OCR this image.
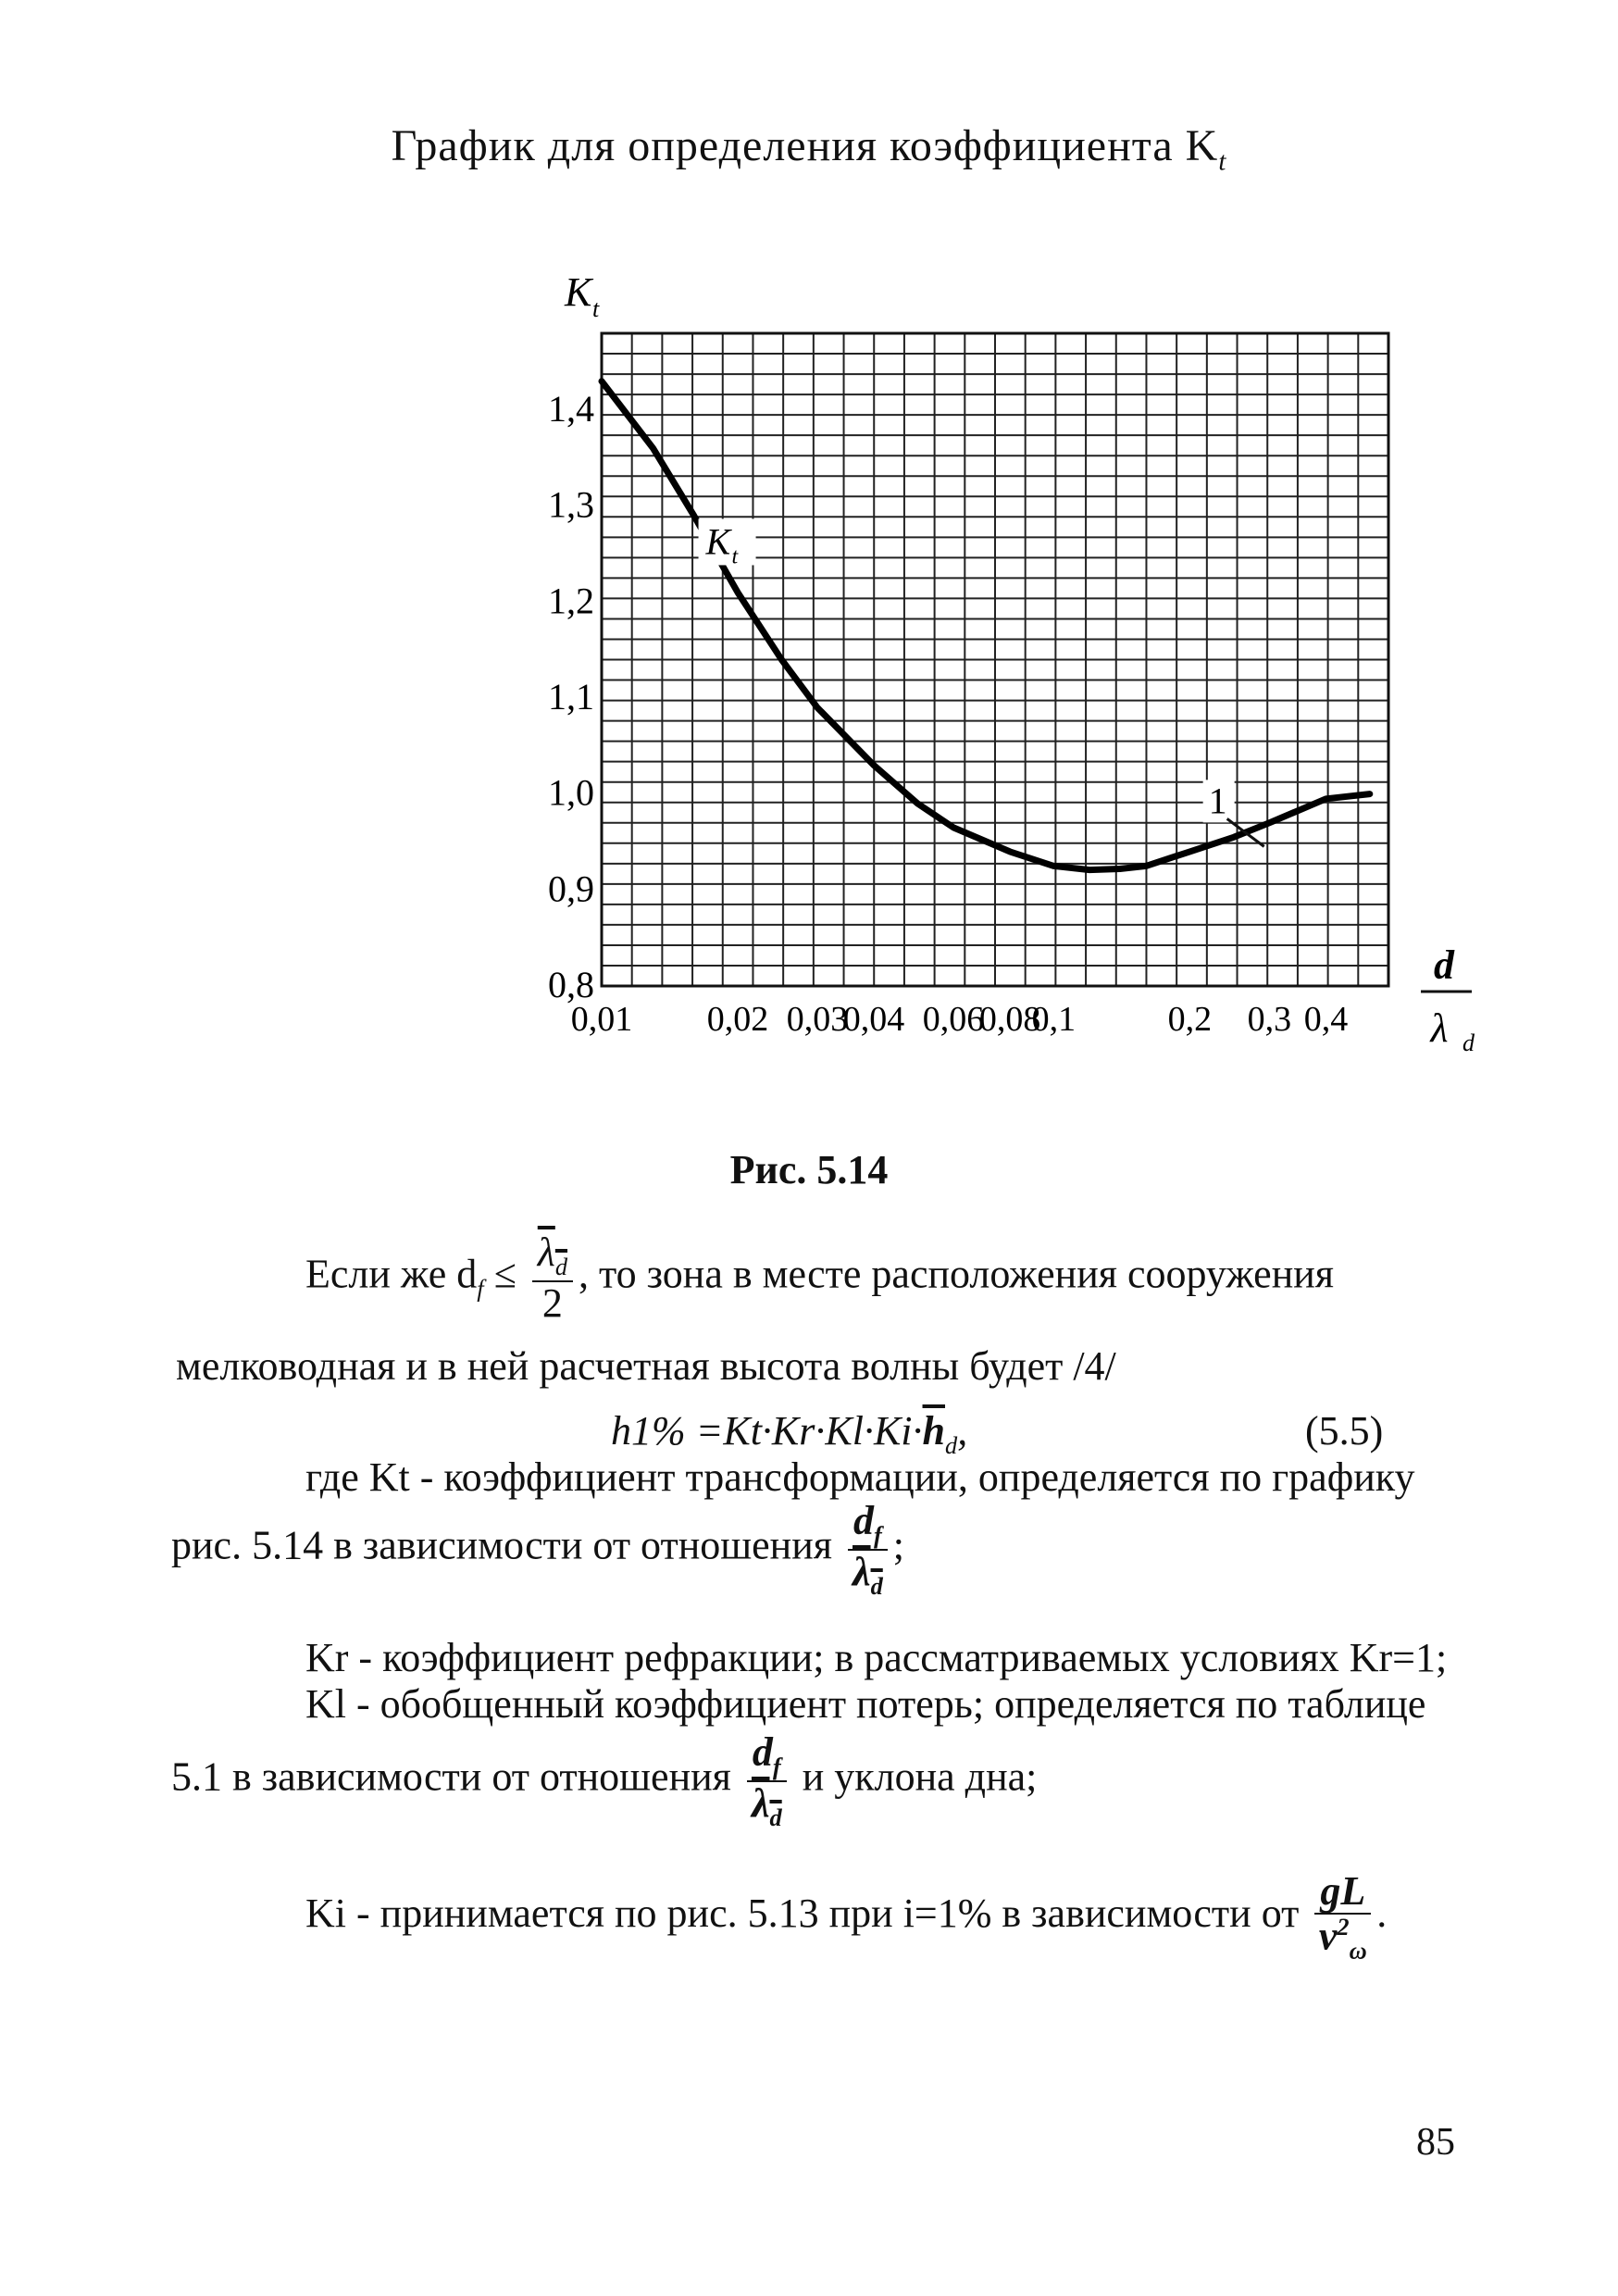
График для определения коэффициента $K_t$
0,8
0,9
1,0
1,1
1,2
1,3
1,4
0,01 0,02 0,03
0,04 0,06
0,08
0,1	0,2 0,3 0,4
K t
d
λ d
K t
1
Рис. 5.14
Если же $d_f \le \frac{\lambda_d}{2}$ , то зона в месте расположения сооружения
мелководная и в ней расчетная высота волны будет /4/
$h1\% =Kt\cdot Kr\cdot Kl\cdot Ki\cdot\overline{h}_d$,	(5.5)
где Kt - коэффициент трансформации, определяется по графику
рис. 5.14 в зависимости от отношения $\frac{d_f}{\lambda_d}$ ;
Kr - коэффициент рефракции; в рассматриваемых условиях Kr=1;
Kl - обобщенный коэффициент потерь; определяется по таблице
5.1 в зависимости от отношения $\frac{d_f}{\lambda_d}$ и уклона дна;
Ki - принимается по рис. 5.13 при i=1% в зависимости от $\frac{gL}{v^2_\omega}$ .
85
